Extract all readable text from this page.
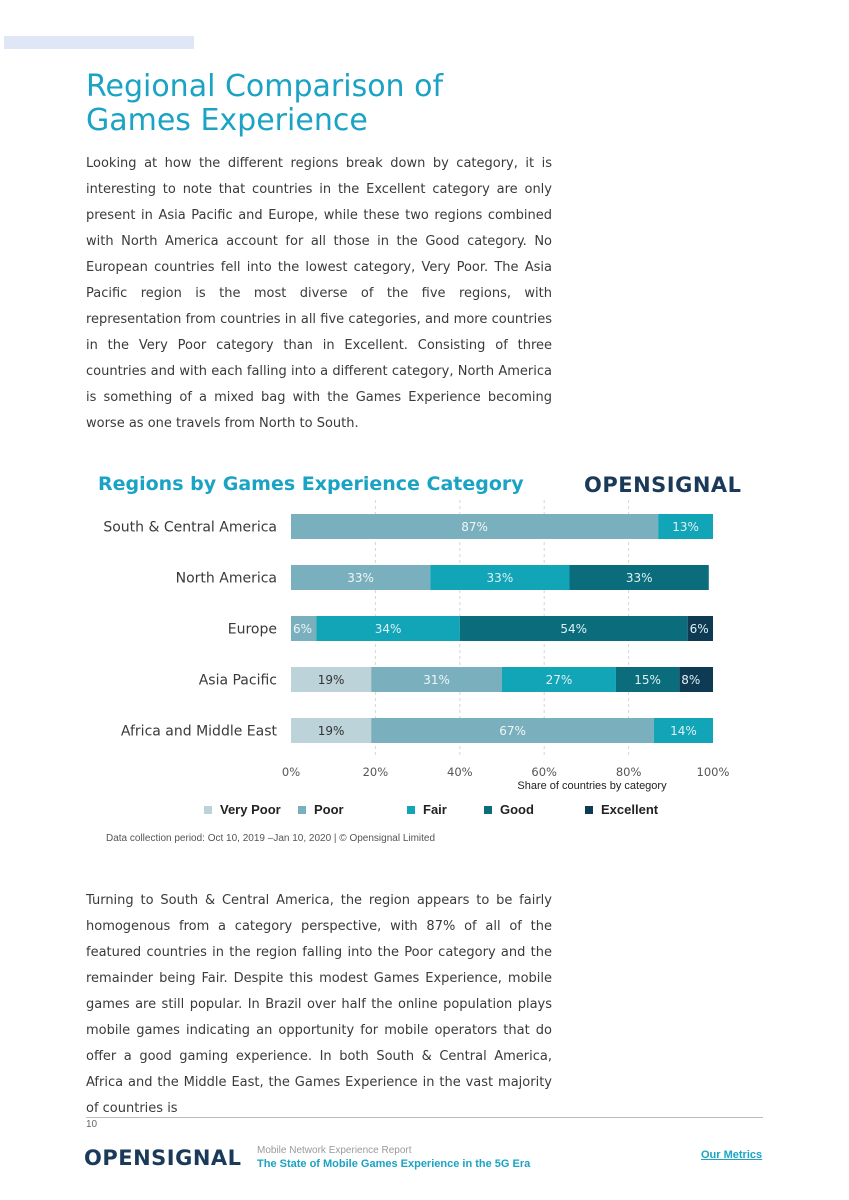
Regional Comparison of
Games Experience

Looking at how the different regions break down by category, it is interesting to note that countries in the Excellent category are only present in Asia Pacific and Europe, while these two regions combined with North America account for all those in the Good category. No European countries fell into the lowest category, Very Poor. The Asia Pacific region is the most diverse of the five regions, with representation from countries in all five categories, and more countries in the Very Poor category than in Excellent. Consisting of three countries and with each falling into a different category, North America is something of a mixed bag with the Games Experience becoming worse as one travels from North to South.

Regions by Games Experience Category	OPENSIGNAL
South & Central America	87%	13%
North America	33%	33%	33%
Europe 6%	34%	54%	6%
Asia Pacific	19%	31%	27%	15% 8%
Africa and Middle East	19%	67%	14%
0%	20%	40%	60%	80%	100%
Share of countries by category
Very Poor	Poor	Fair	Good	Excellent

Data collection period: Oct 10, 2019 –Jan 10, 2020 | © Opensignal Limited

Turning to South & Central America, the region appears to be fairly homogenous from a category perspective, with 87% of all of the featured countries in the region falling into the Poor category and the remainder being Fair. Despite this modest Games Experience, mobile games are still popular. In Brazil over half the online population plays mobile games indicating an opportunity for mobile operators that do offer a good gaming experience. In both South & Central America, Africa and the Middle East, the Games Experience in the vast majority of countries is

10
OPENSIGNAL Mobile Network Experience Report
The State of Mobile Games Experience in the 5G Era
Our Metrics
